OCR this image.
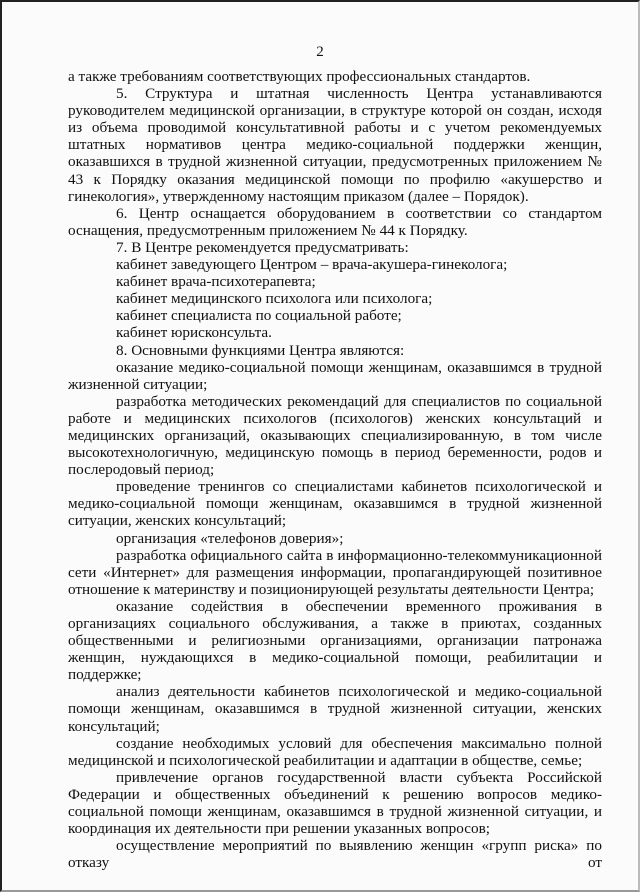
2

а также требованиям соответствующих профессиональных стандартов.

5. Структура и штатная численность Центра устанавливаются руководителем медицинской организации, в структуре которой он создан, исходя из объема проводимой консультативной работы и с учетом рекомендуемых штатных нормативов центра медико-социальной поддержки женщин, оказавшихся в трудной жизненной ситуации, предусмотренных приложением № 43 к Порядку оказания медицинской помощи по профилю «акушерство и гинекология», утвержденному настоящим приказом (далее – Порядок).

6. Центр оснащается оборудованием в соответствии со стандартом оснащения, предусмотренным приложением № 44 к Порядку.

7. В Центре рекомендуется предусматривать:

кабинет заведующего Центром – врача-акушера-гинеколога;

кабинет врача-психотерапевта;

кабинет медицинского психолога или психолога;

кабинет специалиста по социальной работе;

кабинет юрисконсульта.

8. Основными функциями Центра являются:

оказание медико-социальной помощи женщинам, оказавшимся в трудной жизненной ситуации;

разработка методических рекомендаций для специалистов по социальной работе и медицинских психологов (психологов) женских консультаций и медицинских организаций, оказывающих специализированную, в том числе высокотехнологичную, медицинскую помощь в период беременности, родов и послеродовый период;

проведение тренингов со специалистами кабинетов психологической и медико-социальной помощи женщинам, оказавшимся в трудной жизненной ситуации, женских консультаций;

организация «телефонов доверия»;

разработка официального сайта в информационно-телекоммуникационной сети «Интернет» для размещения информации, пропагандирующей позитивное отношение к материнству и позиционирующей результаты деятельности Центра;

оказание содействия в обеспечении временного проживания в организациях социального обслуживания, а также в приютах, созданных общественными и религиозными организациями, организации патронажа женщин, нуждающихся в медико-социальной помощи, реабилитации и поддержке;

анализ деятельности кабинетов психологической и медико-социальной помощи женщинам, оказавшимся в трудной жизненной ситуации, женских консультаций;

создание необходимых условий для обеспечения максимально полной медицинской и психологической реабилитации и адаптации в обществе, семье;

привлечение органов государственной власти субъекта Российской Федерации и общественных объединений к решению вопросов медико-социальной помощи женщинам, оказавшимся в трудной жизненной ситуации, и координация их деятельности при решении указанных вопросов;

осуществление мероприятий по выявлению женщин «групп риска» по отказу от
